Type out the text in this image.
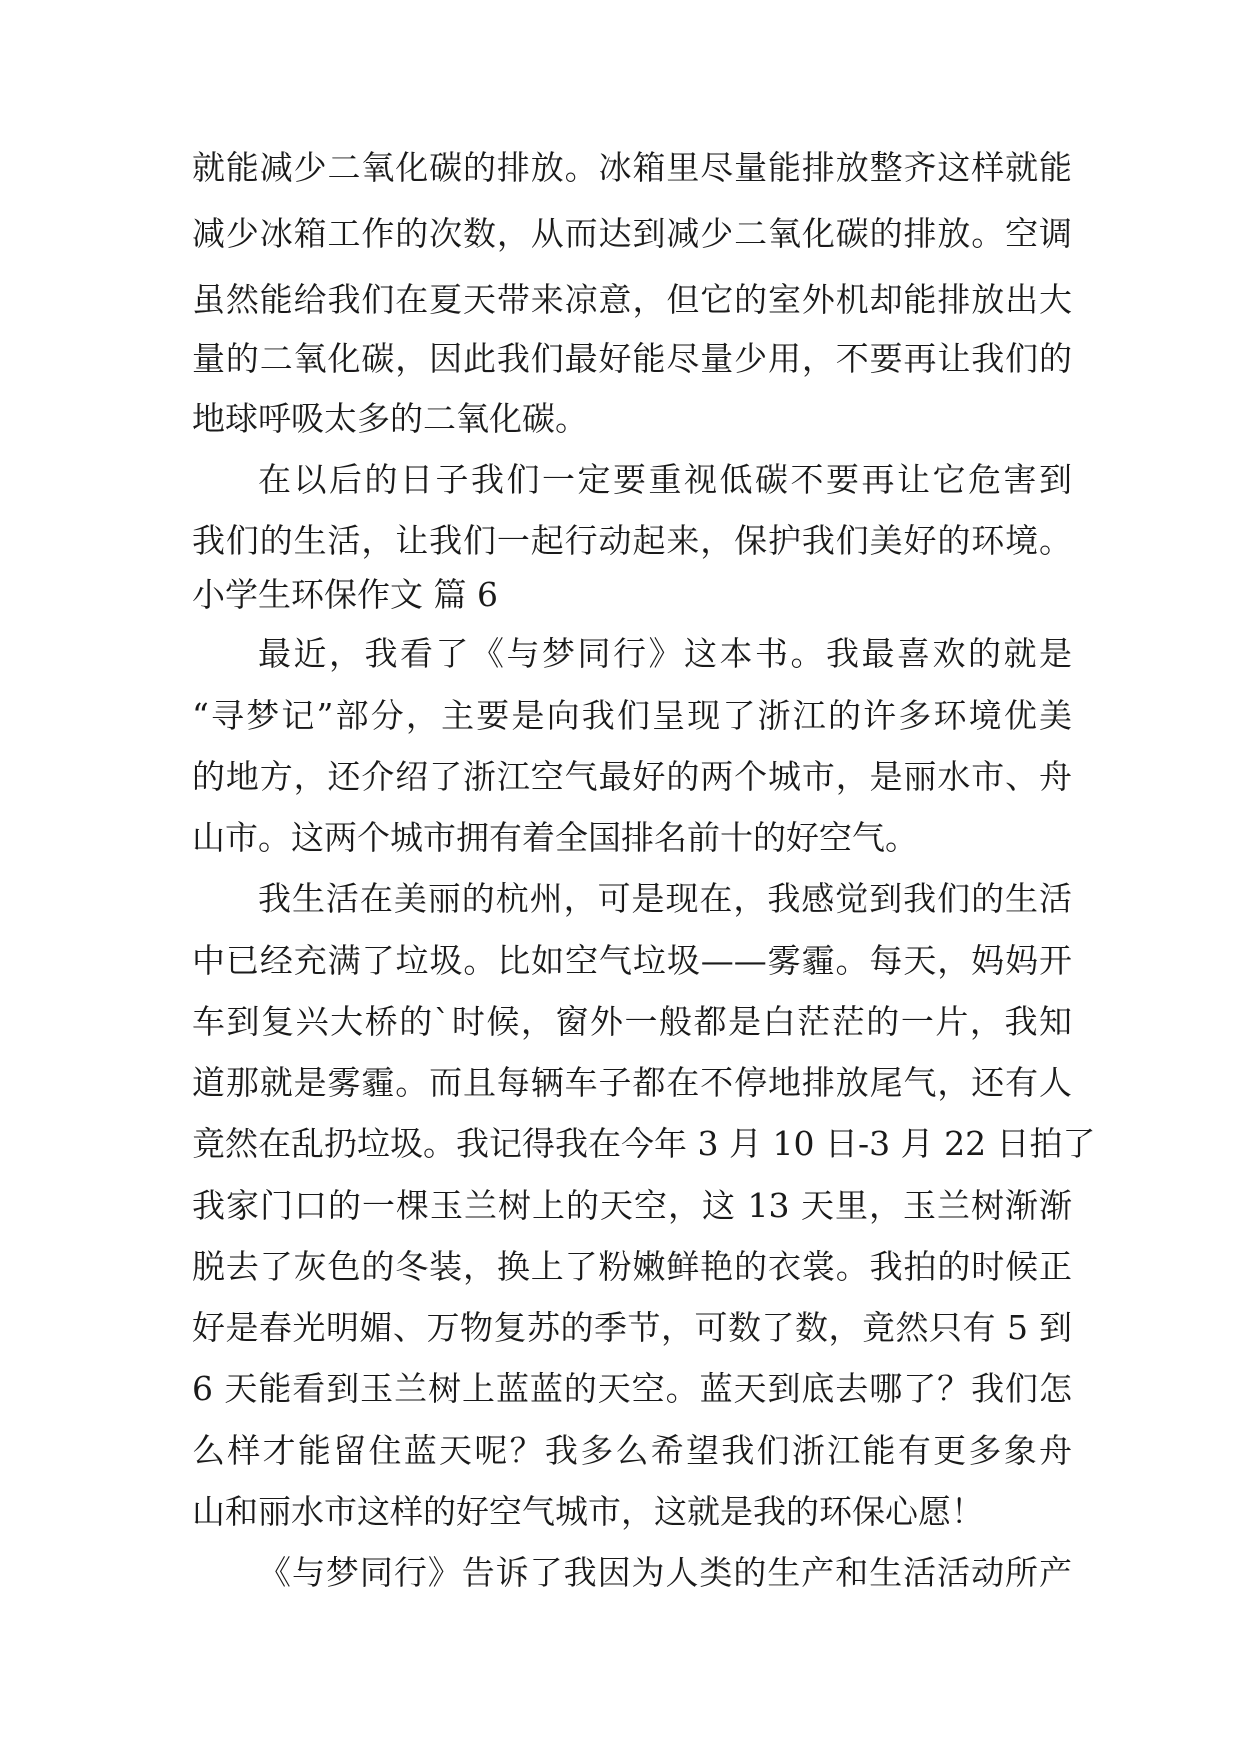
就能减少二氧化碳的排放。冰箱里尽量能排放整齐这样就能
减少冰箱工作的次数，从而达到减少二氧化碳的排放。空调
虽然能给我们在夏天带来凉意，但它的室外机却能排放出大
量的二氧化碳，因此我们最好能尽量少用，不要再让我们的
地球呼吸太多的二氧化碳。
在以后的日子我们一定要重视低碳不要再让它危害到
我们的生活，让我们一起行动起来，保护我们美好的环境。
小学生环保作文 篇 6
最近，我看了《与梦同行》这本书。我最喜欢的就是
“寻梦记”部分，主要是向我们呈现了浙江的许多环境优美
的地方，还介绍了浙江空气最好的两个城市，是丽水市、舟
山市。这两个城市拥有着全国排名前十的好空气。
我生活在美丽的杭州，可是现在，我感觉到我们的生活
中已经充满了垃圾。比如空气垃圾——雾霾。每天，妈妈开
车到复兴大桥的`时候，窗外一般都是白茫茫的一片，我知
道那就是雾霾。而且每辆车子都在不停地排放尾气，还有人
竟然在乱扔垃圾。我记得我在今年 3 月 10 日-3 月 22 日拍了
我家门口的一棵玉兰树上的天空，这 13 天里，玉兰树渐渐
脱去了灰色的冬装，换上了粉嫩鲜艳的衣裳。我拍的时候正
好是春光明媚、万物复苏的季节，可数了数，竟然只有 5 到
6 天能看到玉兰树上蓝蓝的天空。蓝天到底去哪了？我们怎
么样才能留住蓝天呢？我多么希望我们浙江能有更多象舟
山和丽水市这样的好空气城市，这就是我的环保心愿！
《与梦同行》告诉了我因为人类的生产和生活活动所产
